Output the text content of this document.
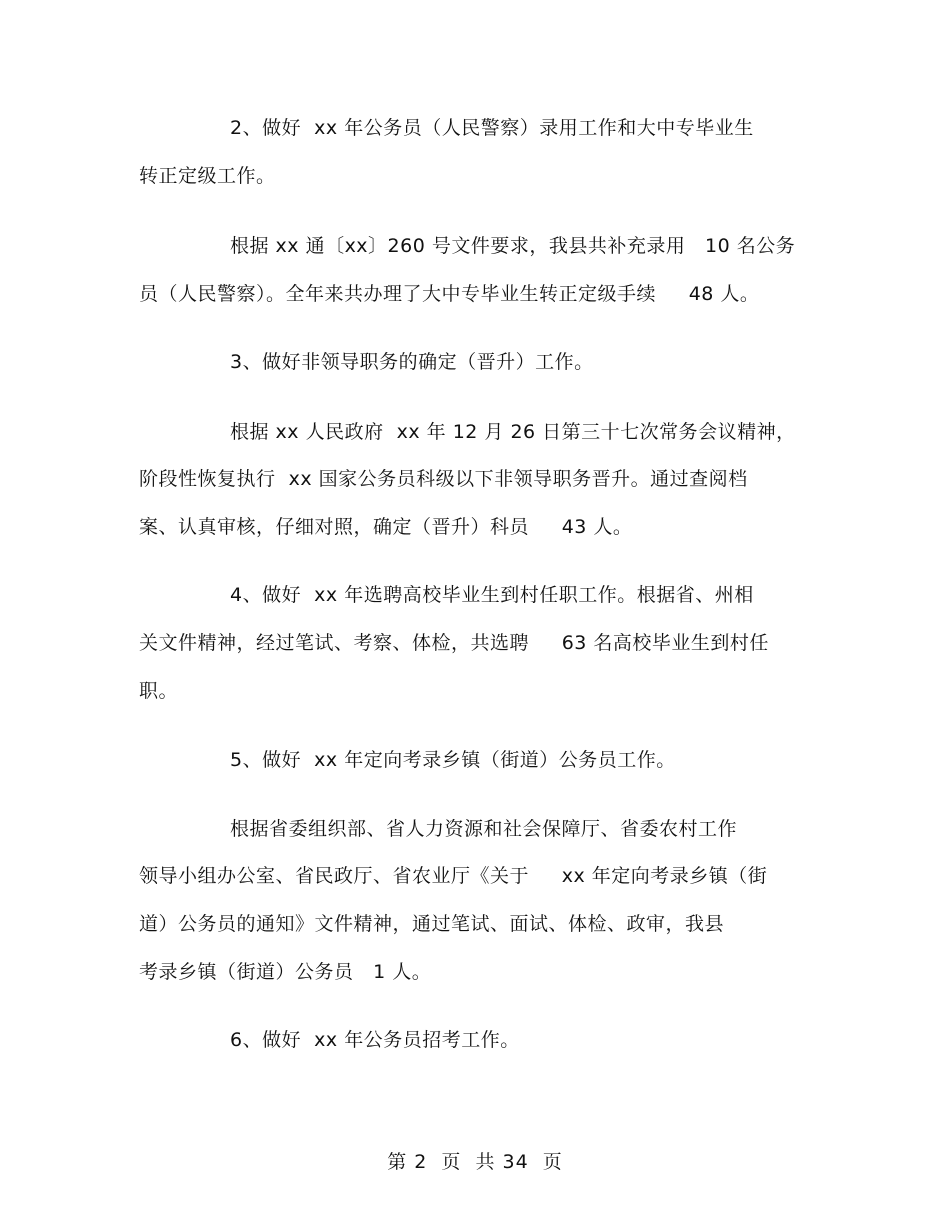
2、做好  xx 年公务员（人民警察）录用工作和大中专毕业生
转正定级工作。
根据 xx 通〔xx〕260 号文件要求，我县共补充录用   10 名公务
员（人民警察）。全年来共办理了大中专毕业生转正定级手续     48 人。
3、做好非领导职务的确定（晋升）工作。
根据 xx 人民政府  xx 年 12 月 26 日第三十七次常务会议精神，
阶段性恢复执行  xx 国家公务员科级以下非领导职务晋升。通过查阅档
案、认真审核，仔细对照，确定（晋升）科员     43 人。
4、做好  xx 年选聘高校毕业生到村任职工作。根据省、州相
关文件精神，经过笔试、考察、体检，共选聘     63 名高校毕业生到村任
职。
5、做好  xx 年定向考录乡镇（街道）公务员工作。
根据省委组织部、省人力资源和社会保障厅、省委农村工作
领导小组办公室、省民政厅、省农业厅《关于     xx 年定向考录乡镇（街
道）公务员的通知》文件精神，通过笔试、面试、体检、政审，我县
考录乡镇（街道）公务员   1 人。
6、做好  xx 年公务员招考工作。
第 2  页  共 34  页
